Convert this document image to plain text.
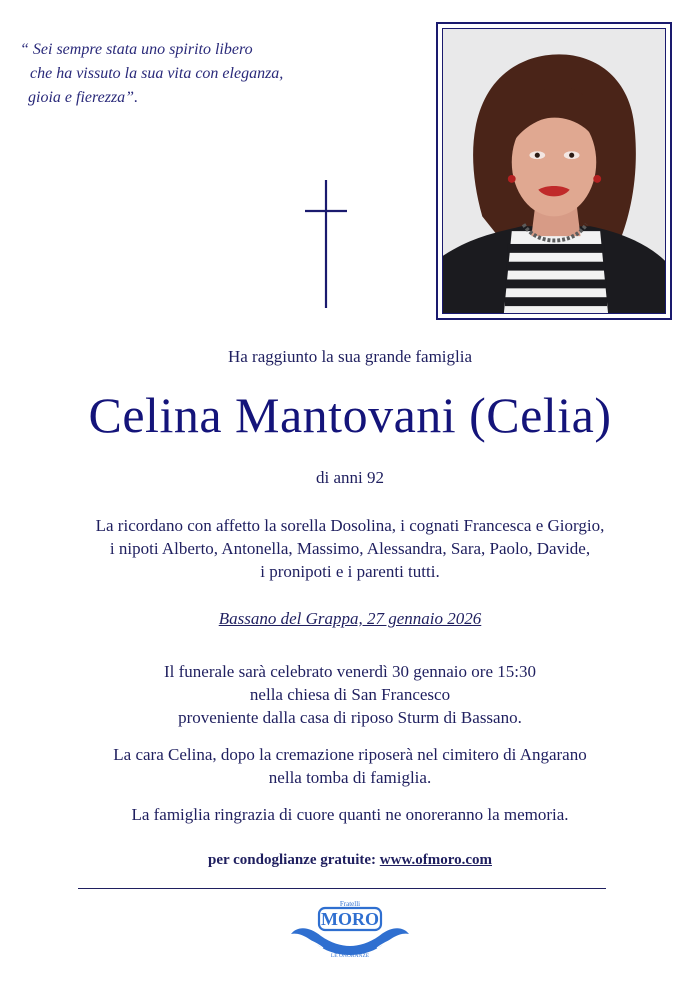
“ Sei sempre stata uno spirito libero
che ha vissuto la sua vita con eleganza,
gioia e fierezza”.
Ha raggiunto la sua grande famiglia
Celina Mantovani (Celia)
di anni 92
La ricordano con affetto la sorella Dosolina, i cognati Francesca e Giorgio,
i nipoti Alberto, Antonella, Massimo, Alessandra, Sara, Paolo, Davide,
i pronipoti e i parenti tutti.
Bassano del Grappa, 27 gennaio 2026
Il funerale sarà celebrato venerdì 30 gennaio ore 15:30
nella chiesa di San Francesco
proveniente dalla casa di riposo Sturm di Bassano.
La cara Celina, dopo la cremazione riposerà nel cimitero di Angarano
nella tomba di famiglia.
La famiglia ringrazia di cuore quanti ne onoreranno la memoria.
per condoglianze gratuite: www.ofmoro.com
Fratelli
MORO
LE ONORANZE
